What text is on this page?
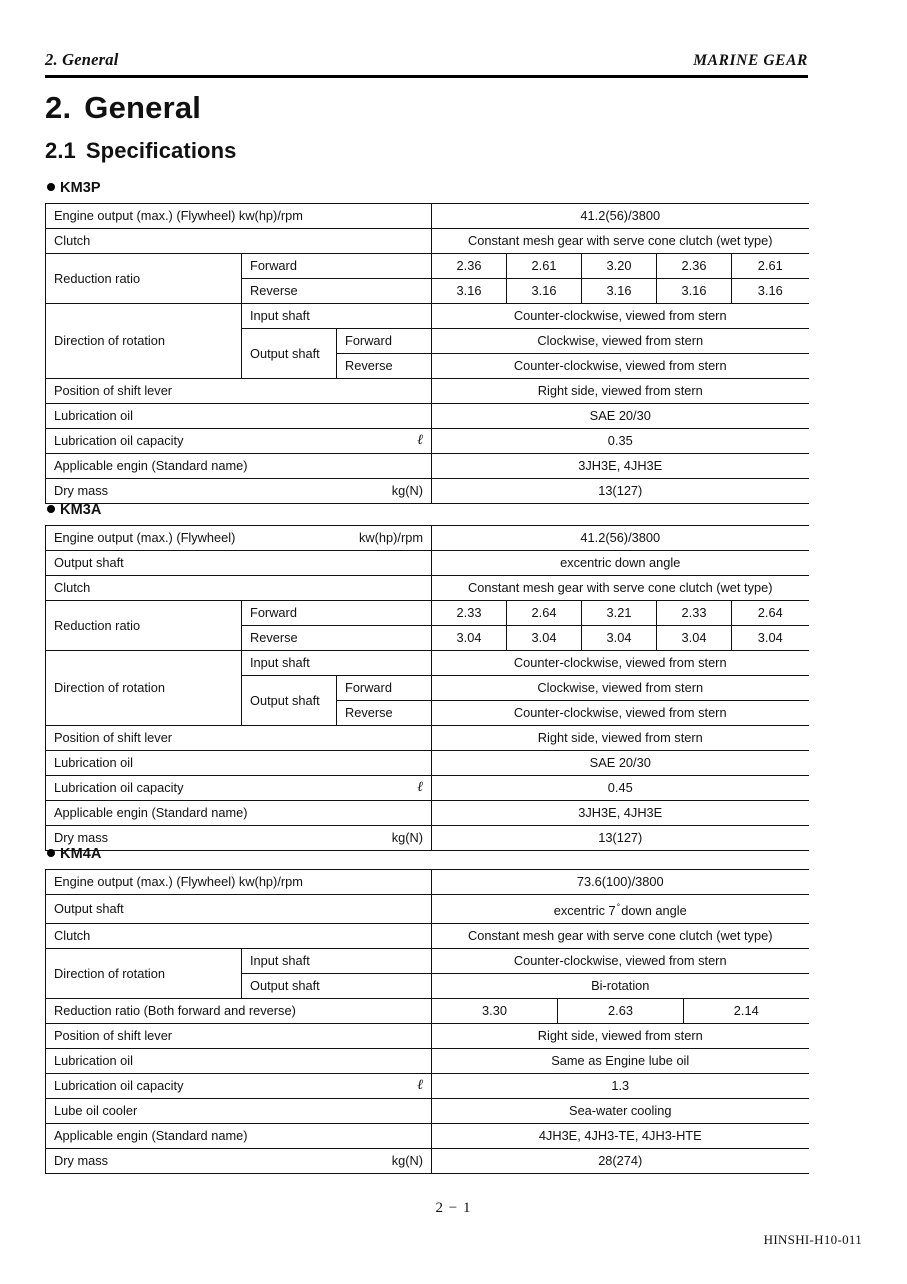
2. General	MARINE GEAR
2. General
2.1 Specifications
KM3P
Engine output (max.) (Flywheel) kw(hp)/rpm			41.2(56)/3800				
Clutch			Constant mesh gear with serve cone clutch (wet type)				
Reduction ratio	Forward		2.36	2.61	3.20	2.36	2.61
	Reverse		3.16	3.16	3.16	3.16	3.16
Direction of rotation	Input shaft		Counter-clockwise, viewed from stern				
	Output shaft	Forward	Clockwise, viewed from stern				
		Reverse	Counter-clockwise, viewed from stern				
Position of shift lever			Right side, viewed from stern				
Lubrication oil			SAE 20/30				
Lubrication oil capacity		ℓ	0.35				
Applicable engin (Standard name)			3JH3E, 4JH3E				
Dry mass		kg(N)	13(127)				
KM3A
Engine output (max.) (Flywheel)		kw(hp)/rpm	41.2(56)/3800				
Output shaft			excentric down angle				
Clutch			Constant mesh gear with serve cone clutch (wet type)				
Reduction ratio	Forward		2.33	2.64	3.21	2.33	2.64
	Reverse		3.04	3.04	3.04	3.04	3.04
Direction of rotation	Input shaft		Counter-clockwise, viewed from stern				
	Output shaft	Forward	Clockwise, viewed from stern				
		Reverse	Counter-clockwise, viewed from stern				
Position of shift lever			Right side, viewed from stern				
Lubrication oil			SAE 20/30				
Lubrication oil capacity		ℓ	0.45				
Applicable engin (Standard name)			3JH3E, 4JH3E				
Dry mass		kg(N)	13(127)				
KM4A
Engine output (max.) (Flywheel) kw(hp)/rpm			73.6(100)/3800		
Output shaft			excentric 7°down angle		
Clutch			Constant mesh gear with serve cone clutch (wet type)		
Direction of rotation	Input shaft		Counter-clockwise, viewed from stern		
	Output shaft		Bi-rotation		
Reduction ratio (Both forward and reverse)			3.30	2.63	2.14
Position of shift lever			Right side, viewed from stern		
Lubrication oil			Same as Engine lube oil		
Lubrication oil capacity		ℓ	1.3		
Lube oil cooler			Sea-water cooling		
Applicable engin (Standard name)			4JH3E, 4JH3-TE, 4JH3-HTE		
Dry mass		kg(N)	28(274)		
2 − 1
HINSHI-H10-011
